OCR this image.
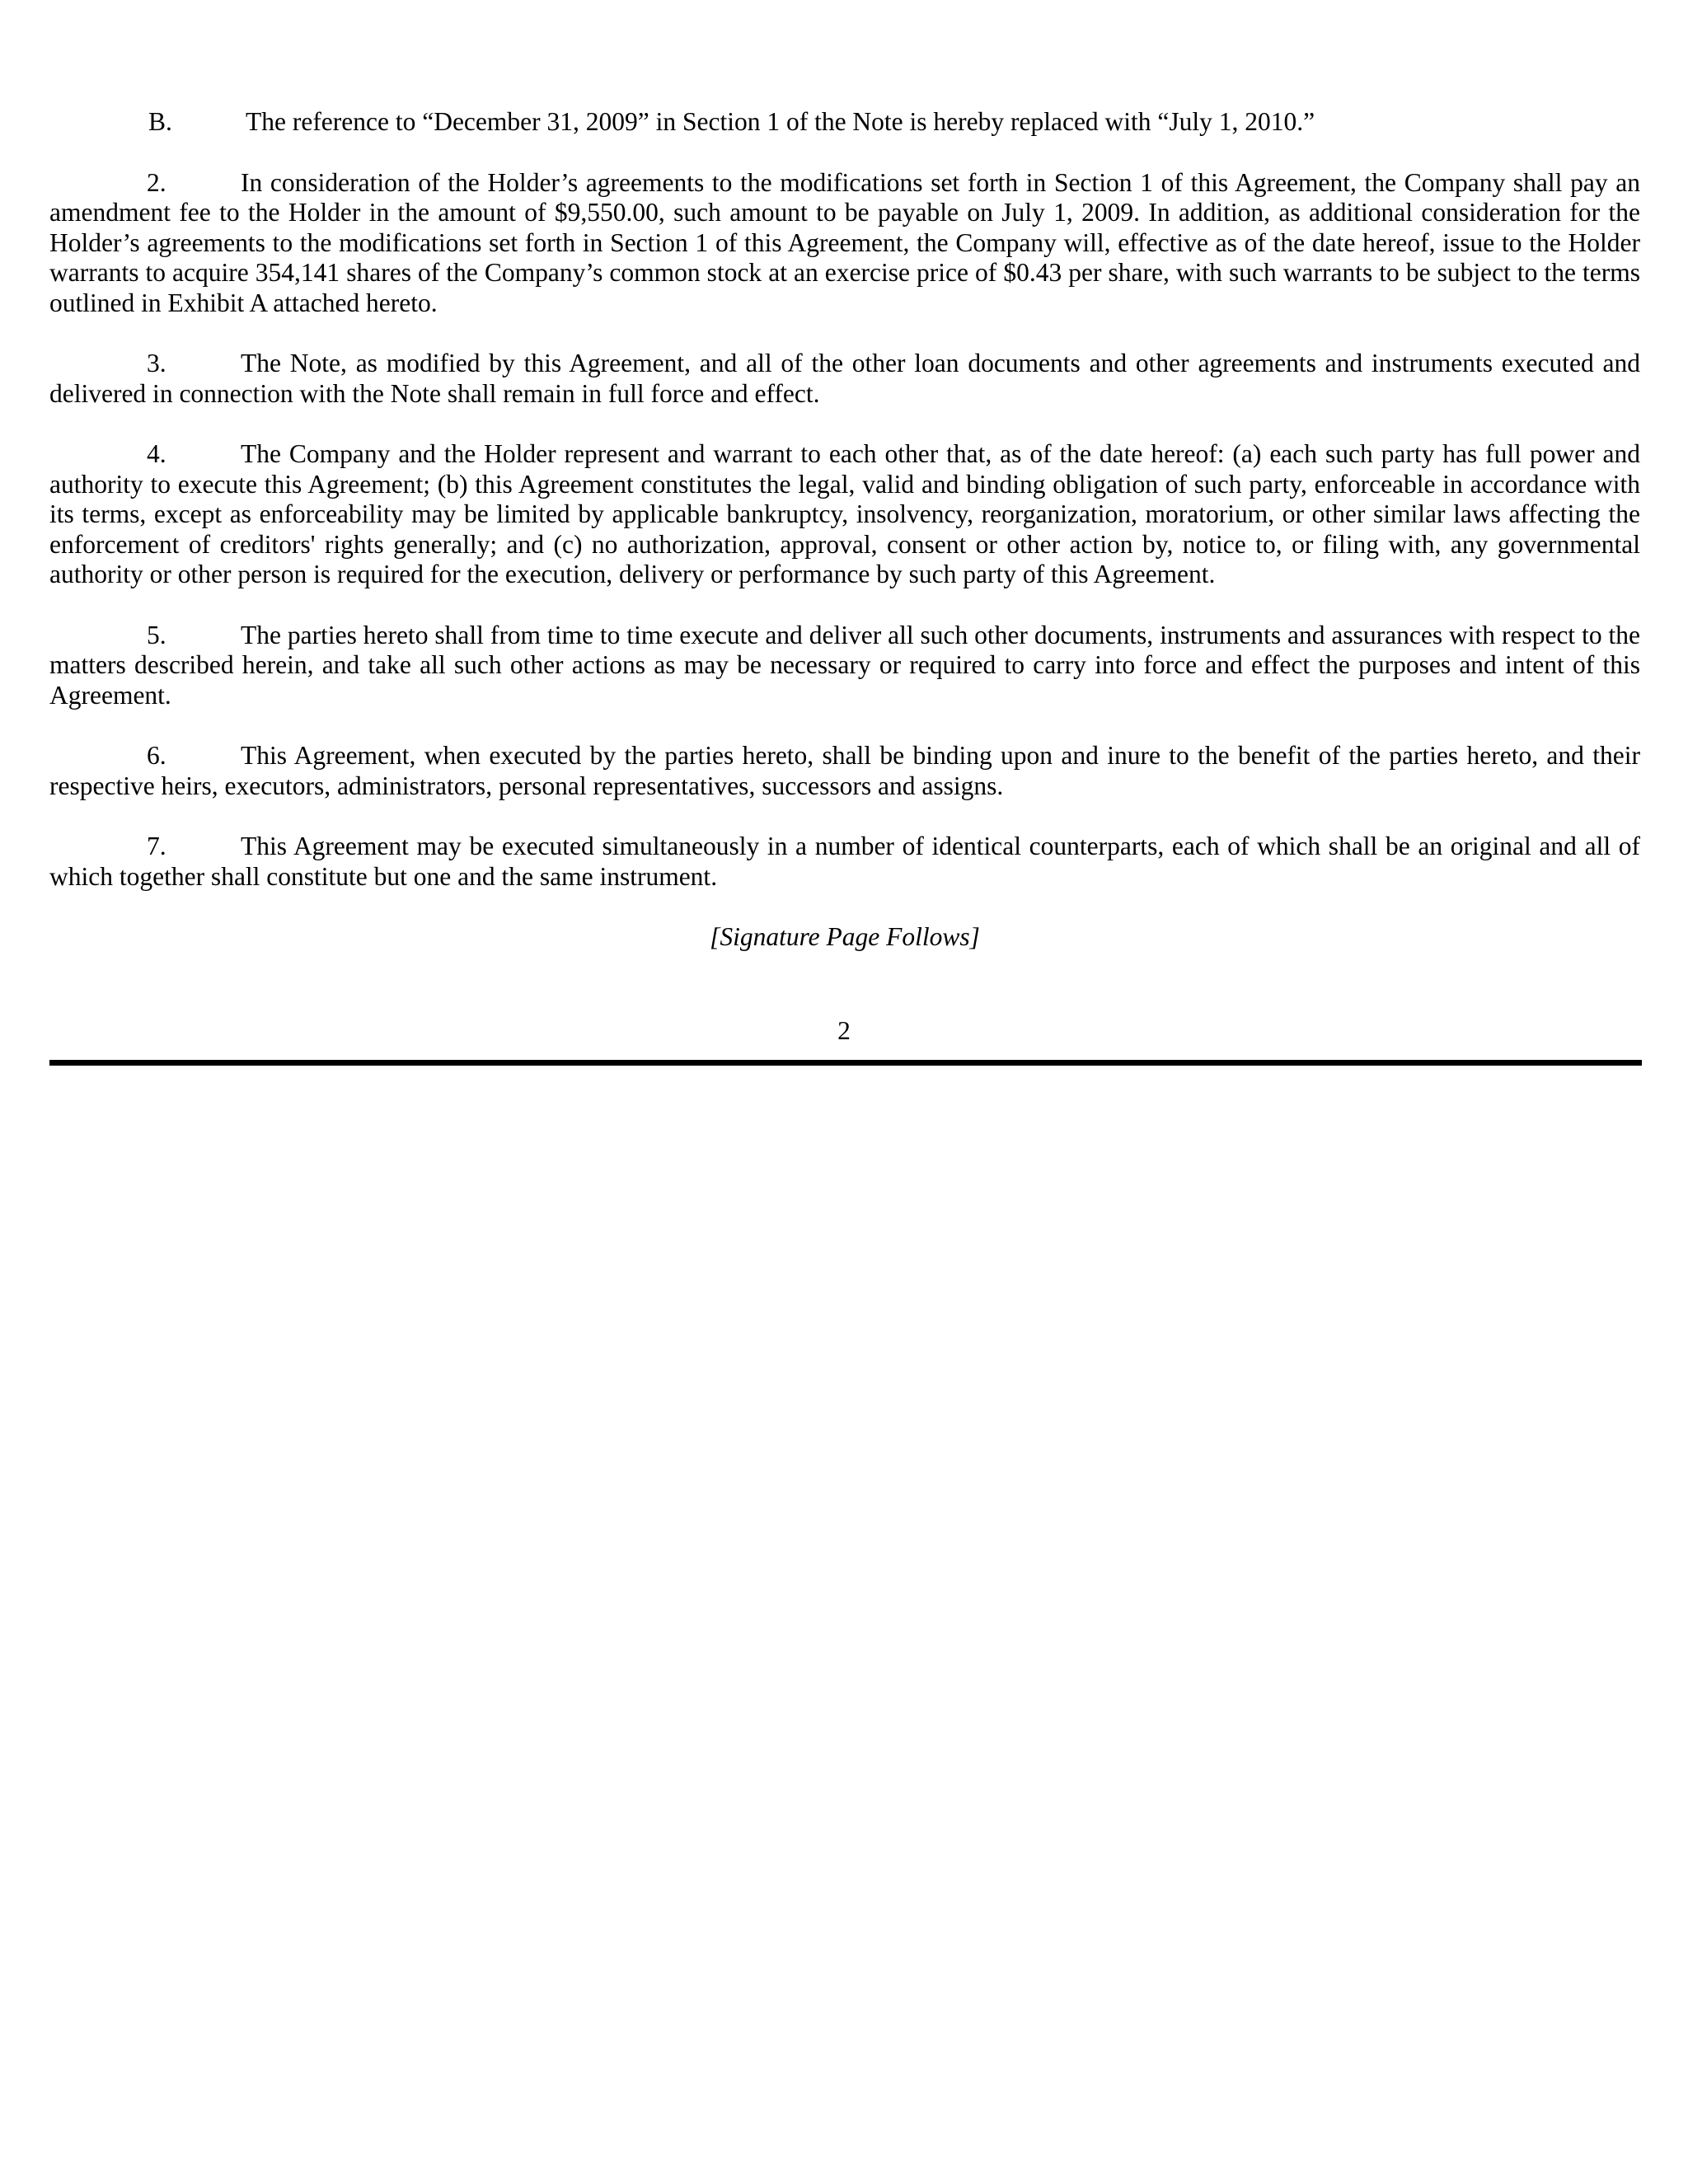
B.	The reference to “December 31, 2009” in Section 1 of the Note is hereby replaced with “July 1, 2010.”

2.	In consideration of the Holder’s agreements to the modifications set forth in Section 1 of this Agreement, the Company shall pay an amendment fee to the Holder in the amount of $9,550.00, such amount to be payable on July 1, 2009. In addition, as additional consideration for the Holder’s agreements to the modifications set forth in Section 1 of this Agreement, the Company will, effective as of the date hereof, issue to the Holder warrants to acquire 354,141 shares of the Company’s common stock at an exercise price of $0.43 per share, with such warrants to be subject to the terms outlined in Exhibit A attached hereto.

3.	The Note, as modified by this Agreement, and all of the other loan documents and other agreements and instruments executed and delivered in connection with the Note shall remain in full force and effect.

4.	The Company and the Holder represent and warrant to each other that, as of the date hereof: (a) each such party has full power and authority to execute this Agreement; (b) this Agreement constitutes the legal, valid and binding obligation of such party, enforceable in accordance with its terms, except as enforceability may be limited by applicable bankruptcy, insolvency, reorganization, moratorium, or other similar laws affecting the enforcement of creditors' rights generally; and (c) no authorization, approval, consent or other action by, notice to, or filing with, any governmental authority or other person is required for the execution, delivery or performance by such party of this Agreement.

5.	The parties hereto shall from time to time execute and deliver all such other documents, instruments and assurances with respect to the matters described herein, and take all such other actions as may be necessary or required to carry into force and effect the purposes and intent of this Agreement.

6.	This Agreement, when executed by the parties hereto, shall be binding upon and inure to the benefit of the parties hereto, and their respective heirs, executors, administrators, personal representatives, successors and assigns.

7.	This Agreement may be executed simultaneously in a number of identical counterparts, each of which shall be an original and all of which together shall constitute but one and the same instrument.

[Signature Page Follows]

2
